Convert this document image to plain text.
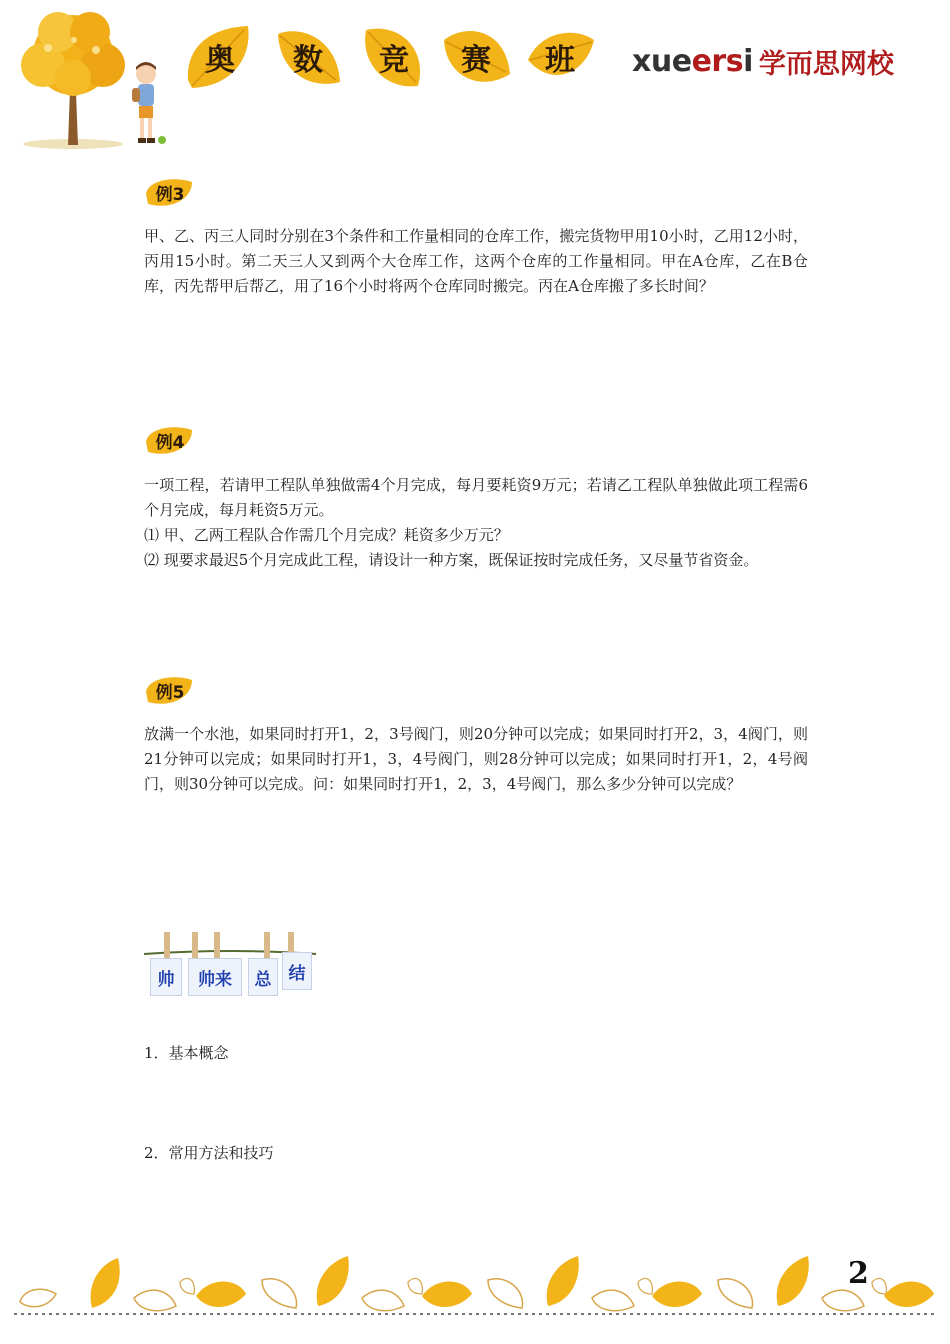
奥	数	竞	赛	班	xueersi 学而思网校
例3

甲、乙、丙三人同时分别在3个条件和工作量相同的仓库工作，搬完货物甲用10小时，乙用12小时，丙用15小时。第二天三人又到两个大仓库工作，这两个仓库的工作量相同。甲在A仓库，乙在B仓库，丙先帮甲后帮乙，用了16个小时将两个仓库同时搬完。丙在A仓库搬了多长时间？

例4

一项工程，若请甲工程队单独做需4个月完成，每月要耗资9万元；若请乙工程队单独做此项工程需6个月完成，每月耗资5万元。

⑴ 甲、乙两工程队合作需几个月完成？耗资多少万元？

⑵ 现要求最迟5个月完成此工程，请设计一种方案，既保证按时完成任务，又尽量节省资金。

例5

放满一个水池，如果同时打开1，2，3号阀门，则20分钟可以完成；如果同时打开2，3，4阀门，则21分钟可以完成；如果同时打开1，3，4号阀门，则28分钟可以完成；如果同时打开1，2，4号阀门，则30分钟可以完成。问：如果同时打开1，2，3，4号阀门，那么多少分钟可以完成？

帅	帅来	总	结
1．基本概念
2．常用方法和技巧
2
